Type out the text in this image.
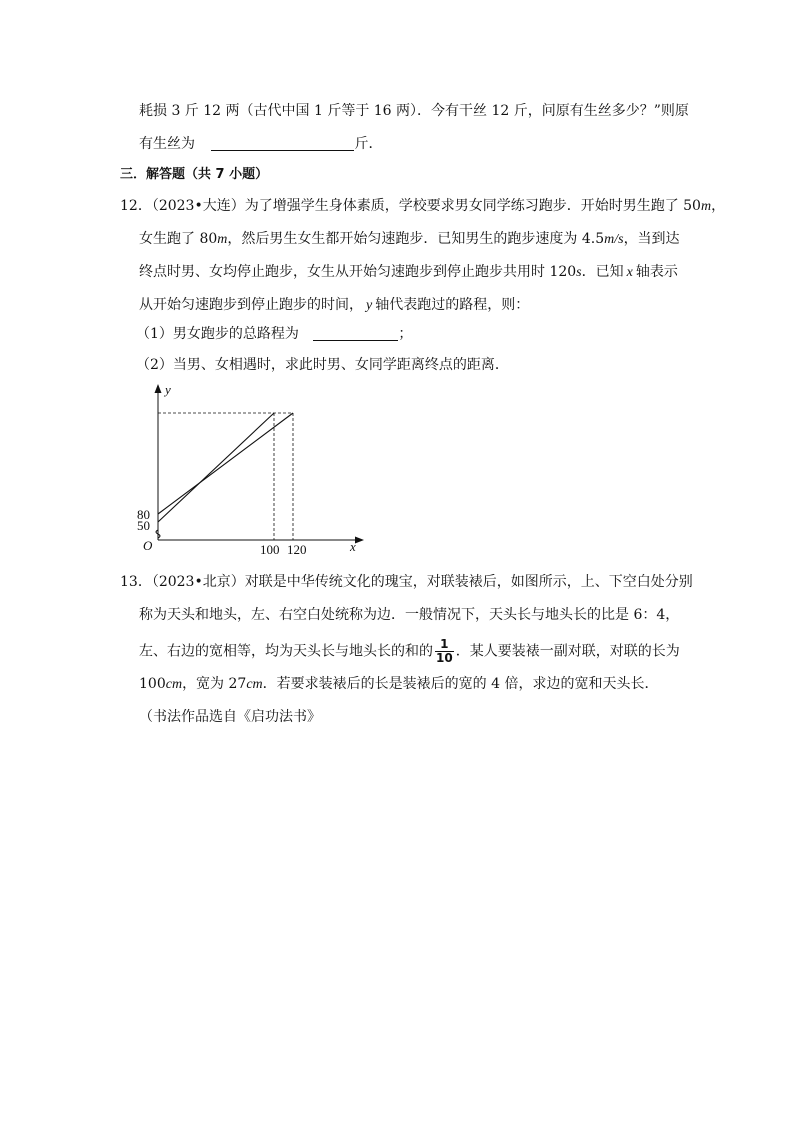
耗损 3 斤 12 两（古代中国 1 斤等于 16 两）．今有干丝 12 斤，问原有生丝多少？”则原
有生丝为	斤．
三．解答题（共 7 小题）
12．（2023•大连）为了增强学生身体素质，学校要求男女同学练习跑步．开始时男生跑了 50m，
女生跑了 80m，然后男生女生都开始匀速跑步．已知男生的跑步速度为 4.5m/s，当到达
终点时男、女均停止跑步，女生从开始匀速跑步到停止跑步共用时 120s．已知 x 轴表示
从开始匀速跑步到停止跑步的时间， y 轴代表跑过的路程，则：
（1）男女跑步的总路程为	；
（2）当男、女相遇时，求此时男、女同学距离终点的距离．
y
x
O
80
50
100 120
13．（2023•北京）对联是中华传统文化的瑰宝，对联装裱后，如图所示，上、下空白处分别
称为天头和地头，左、右空白处统称为边．一般情况下，天头长与地头长的比是 6：4，
左、右边的宽相等，均为天头长与地头长的和的 $\frac{1}{10}$ ．某人要装裱一副对联，对联的长为
100cm，宽为 27cm．若要求装裱后的长是装裱后的宽的 4 倍，求边的宽和天头长．
（书法作品选自《启功法书》
